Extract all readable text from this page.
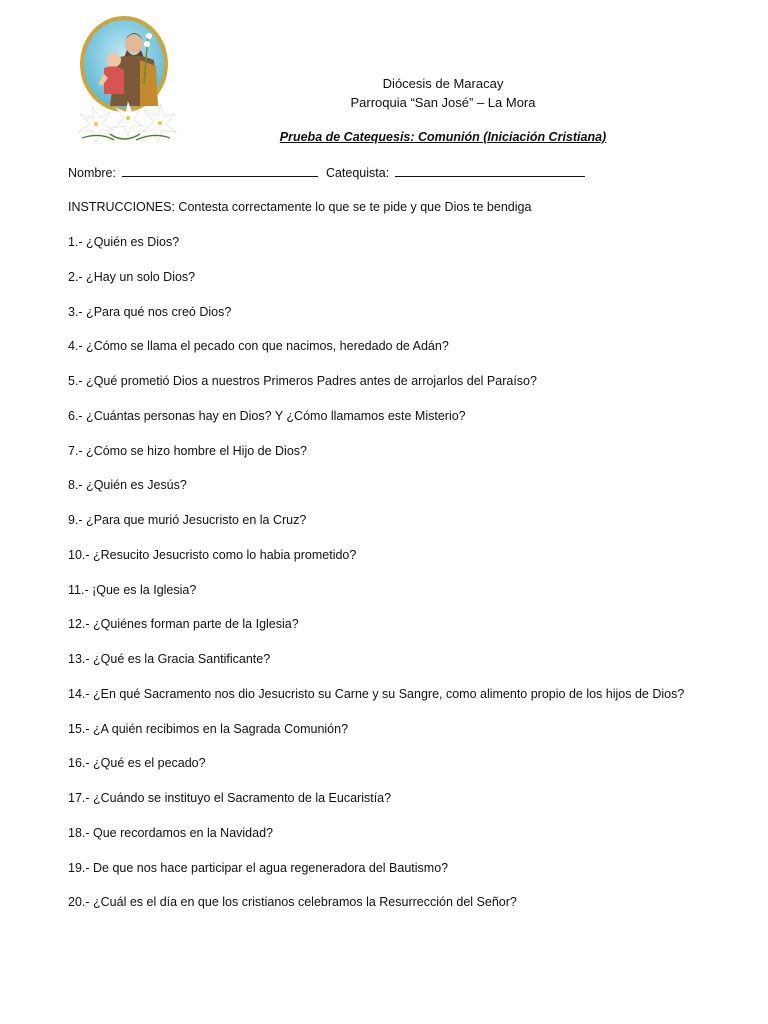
Diócesis de Maracay
Parroquia “San José” – La Mora
Prueba de Catequesis: Comunión (Iniciación Cristiana)
Nombre:	Catequista:
INSTRUCCIONES: Contesta correctamente lo que se te pide y que Dios te bendiga
1.- ¿Quién es Dios?
2.- ¿Hay un solo Dios?
3.- ¿Para qué nos creó Dios?
4.- ¿Cómo se llama el pecado con que nacimos, heredado de Adán?
5.- ¿Qué prometió Dios a nuestros Primeros Padres antes de arrojarlos del Paraíso?
6.- ¿Cuántas personas hay en Dios? Y ¿Cómo llamamos este Misterio?
7.- ¿Cómo se hizo hombre el Hijo de Dios?
8.- ¿Quién es Jesús?
9.- ¿Para que murió Jesucristo en la Cruz?
10.- ¿Resucito Jesucristo como lo habia prometido?
11.- ¡Que es la Iglesia?
12.- ¿Quiénes forman parte de la Iglesia?
13.- ¿Qué es la Gracia Santificante?
14.- ¿En qué Sacramento nos dio Jesucristo su Carne y su Sangre, como alimento propio de los hijos de Dios?
15.- ¿A quién recibimos en la Sagrada Comunión?
16.- ¿Qué es el pecado?
17.- ¿Cuándo se instituyo el Sacramento de la Eucaristía?
18.- Que recordamos en la Navidad?
19.- De que nos hace participar el agua regeneradora del Bautismo?
20.- ¿Cuál es el día en que los cristianos celebramos la Resurrección del Señor?
